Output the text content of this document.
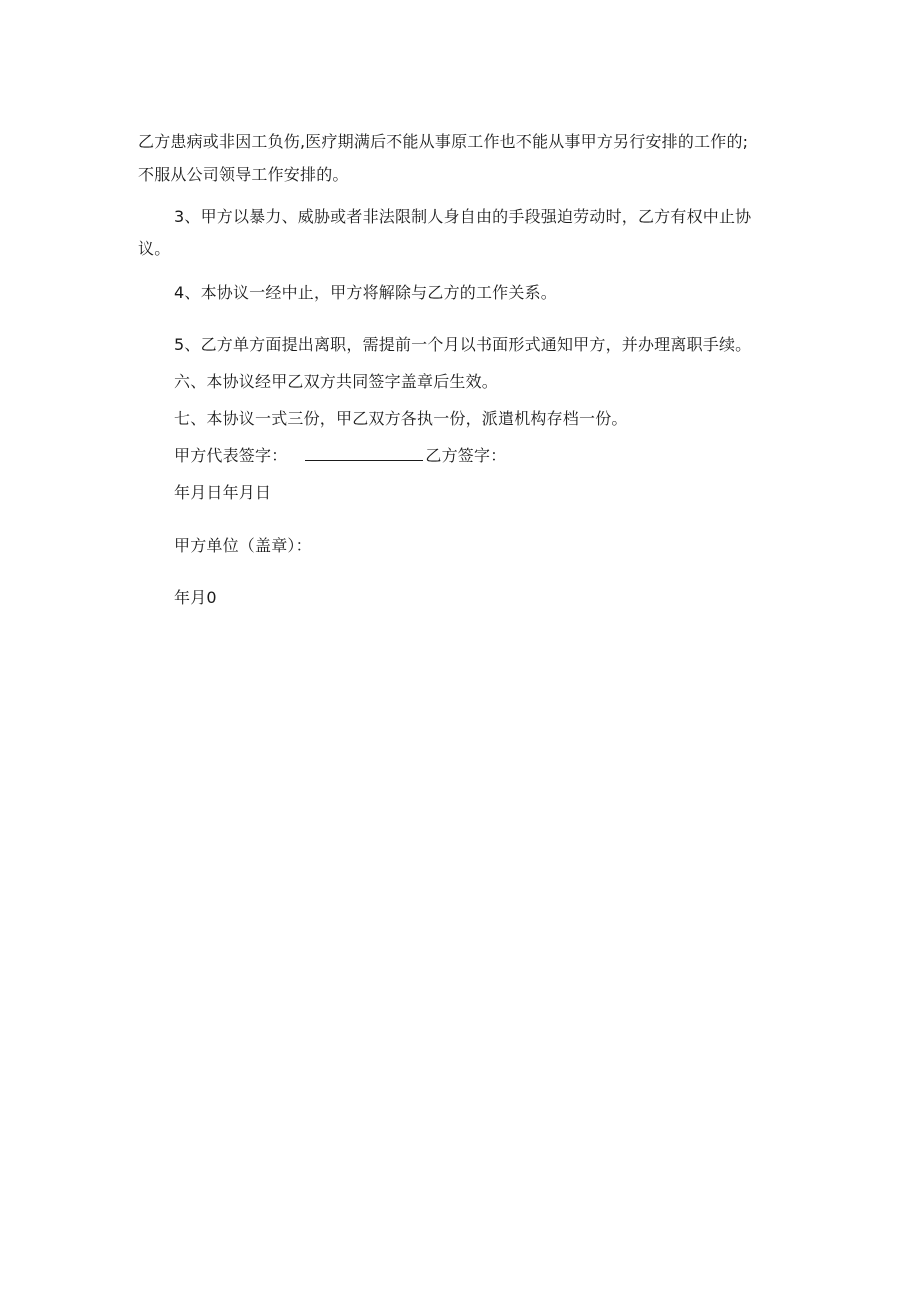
乙方患病或非因工负伤,医疗期满后不能从事原工作也不能从事甲方另行安排的工作的;
不服从公司领导工作安排的。
3、甲方以暴力、威胁或者非法限制人身自由的手段强迫劳动时，乙方有权中止协
议。
4、本协议一经中止，甲方将解除与乙方的工作关系。
5、乙方单方面提出离职，需提前一个月以书面形式通知甲方，并办理离职手续。
六、本协议经甲乙双方共同签字盖章后生效。
七、本协议一式三份，甲乙双方各执一份，派遣机构存档一份。
甲方代表签字：	乙方签字：
年月日年月日
甲方单位（盖章）：
年月0
